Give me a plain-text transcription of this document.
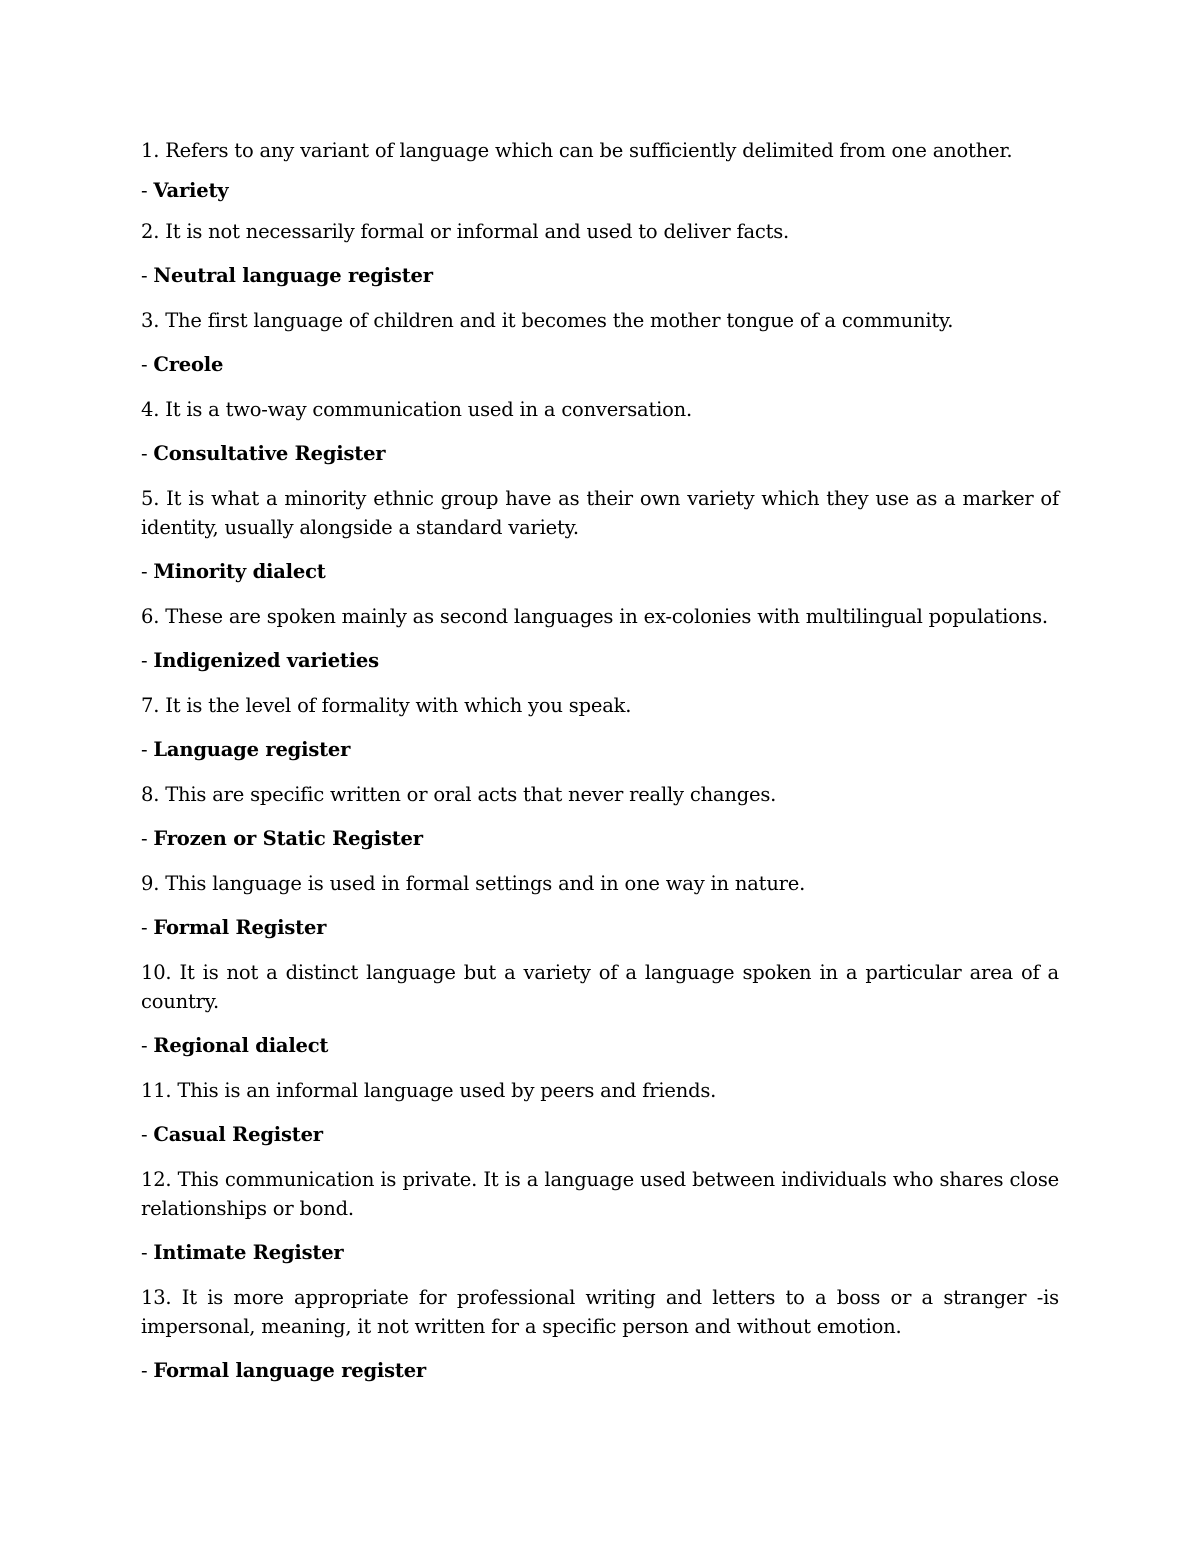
1. Refers to any variant of language which can be sufficiently delimited from one another.

- Variety

2. It is not necessarily formal or informal and used to deliver facts.

- Neutral language register

3. The first language of children and it becomes the mother tongue of a community.

- Creole

4. It is a two-way communication used in a conversation.

- Consultative Register

5. It is what a minority ethnic group have as their own variety which they use as a marker of identity, usually alongside a standard variety.

- Minority dialect

6. These are spoken mainly as second languages in ex-colonies with multilingual populations.

- Indigenized varieties

7. It is the level of formality with which you speak.

- Language register

8. This are specific written or oral acts that never really changes.

- Frozen or Static Register

9. This language is used in formal settings and in one way in nature.

- Formal Register

10. It is not a distinct language but a variety of a language spoken in a particular area of a country.

- Regional dialect

11. This is an informal language used by peers and friends.

- Casual Register

12. This communication is private. It is a language used between individuals who shares close relationships or bond.

- Intimate Register

13. It is more appropriate for professional writing and letters to a boss or a stranger -is impersonal, meaning, it not written for a specific person and without emotion.

- Formal language register
